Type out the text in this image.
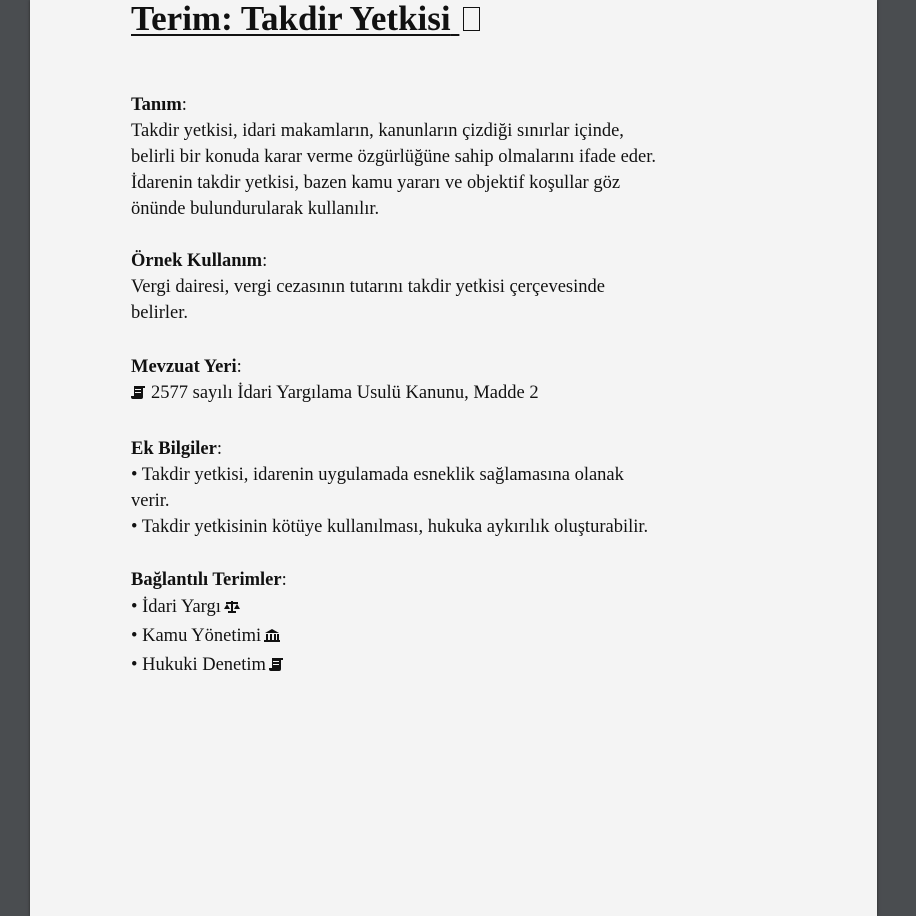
Terim: Takdir Yetkisi
Tanım:
Takdir yetkisi, idari makamların, kanunların çizdiği sınırlar içinde,
belirli bir konuda karar verme özgürlüğüne sahip olmalarını ifade eder.
İdarenin takdir yetkisi, bazen kamu yararı ve objektif koşullar göz
önünde bulundurularak kullanılır.
Örnek Kullanım:
Vergi dairesi, vergi cezasının tutarını takdir yetkisi çerçevesinde
belirler.
Mevzuat Yeri:
2577 sayılı İdari Yargılama Usulü Kanunu, Madde 2
Ek Bilgiler:
• Takdir yetkisi, idarenin uygulamada esneklik sağlamasına olanak
verir.
• Takdir yetkisinin kötüye kullanılması, hukuka aykırılık oluşturabilir.
Bağlantılı Terimler:
• İdari Yargı
• Kamu Yönetimi
• Hukuki Denetim
